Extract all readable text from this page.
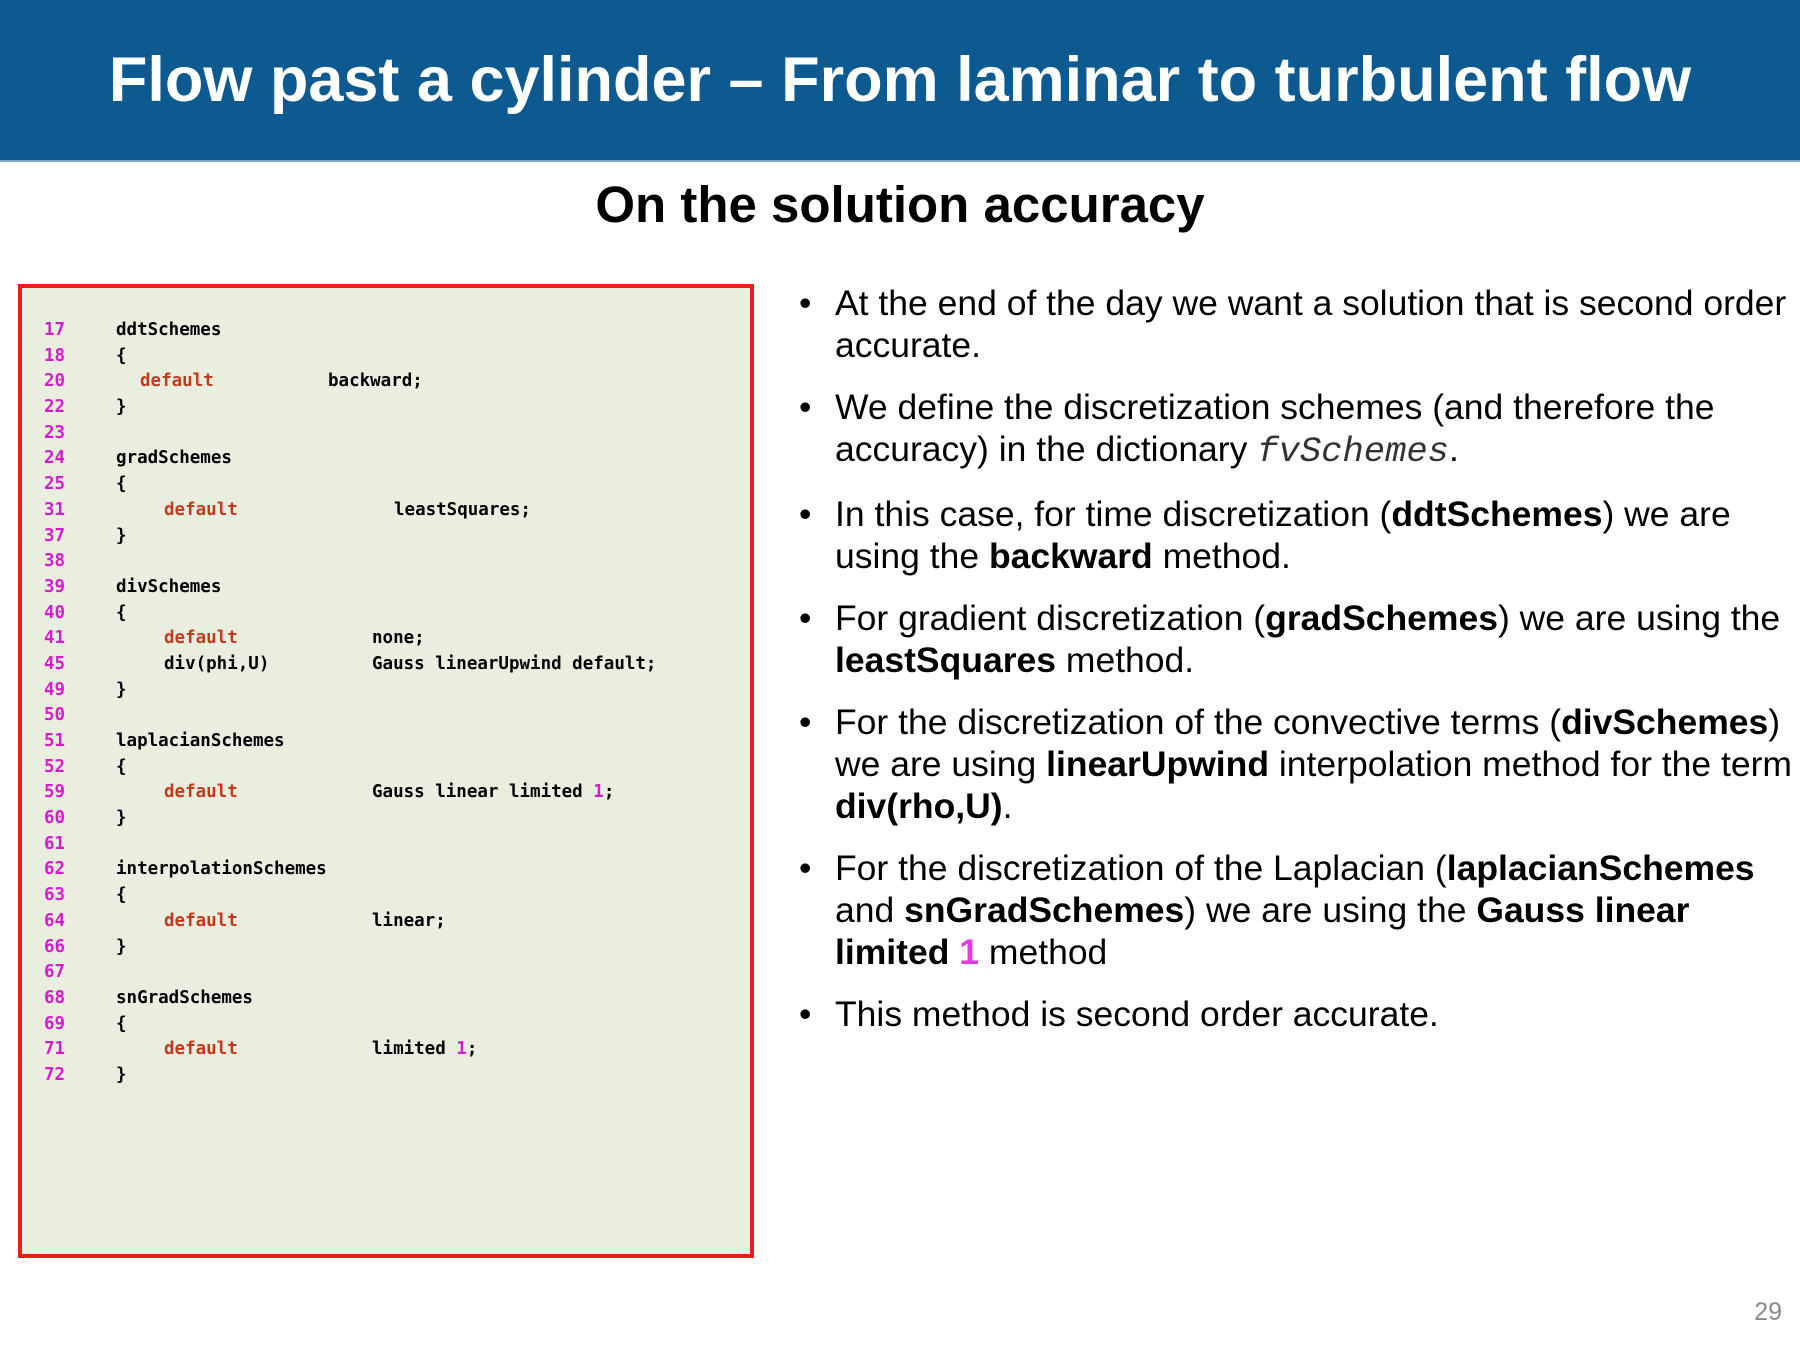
Flow past a cylinder – From laminar to turbulent flow
On the solution accuracy
17	ddtSchemes
18	{
20	default	backward;
22	}
23
24	gradSchemes
25	{
31	default	leastSquares;
37	}
38
39	divSchemes
40	{
41	default	none;
45	div(phi,U)	Gauss linearUpwind default;
49	}
50
51	laplacianSchemes
52	{
59	default	Gauss linear limited 1;
60	}
61
62	interpolationSchemes
63	{
64	default	linear;
66	}
67
68	snGradSchemes
69	{
71	default	limited 1;
72	}
• At the end of the day we want a solution that is second order accurate.
• We define the discretization schemes (and therefore the accuracy) in the dictionary fvSchemes.
• In this case, for time discretization (ddtSchemes) we are using the backward method.
• For gradient discretization (gradSchemes) we are using the leastSquares method.
• For the discretization of the convective terms (divSchemes) we are using linearUpwind interpolation method for the term div(rho,U).
• For the discretization of the Laplacian (laplacianSchemes and snGradSchemes) we are using the Gauss linear limited 1 method
• This method is second order accurate.
29
